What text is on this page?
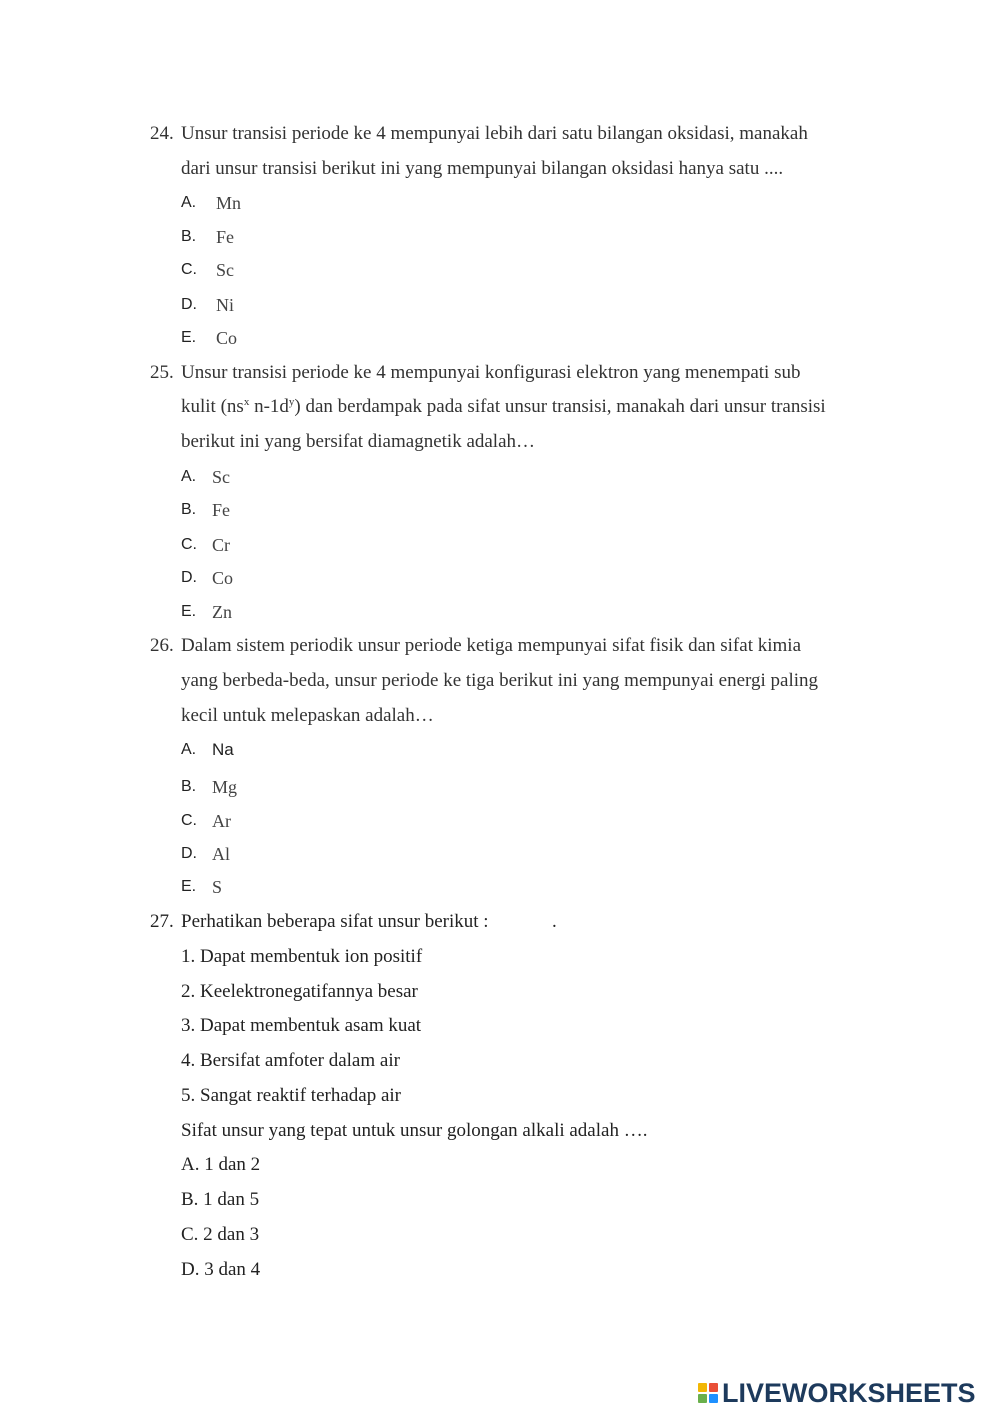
24. Unsur transisi periode ke 4 mempunyai lebih dari satu bilangan oksidasi, manakah
dari unsur transisi berikut ini yang mempunyai bilangan oksidasi hanya satu ....
A. Mn
B. Fe
C. Sc
D. Ni
E. Co
25. Unsur transisi periode ke 4 mempunyai konfigurasi elektron yang menempati sub
kulit ($ns^x$ $n-1d^y$) dan berdampak pada sifat unsur transisi, manakah dari unsur transisi
berikut ini yang bersifat diamagnetik adalah…
A. Sc
B. Fe
C. Cr
D. Co
E. Zn
26. Dalam sistem periodik unsur periode ketiga mempunyai sifat fisik dan sifat kimia
yang berbeda-beda, unsur periode ke tiga berikut ini yang mempunyai energi paling
kecil untuk melepaskan adalah…
A. Na
B. Mg
C. Ar
D. Al
E. S
27. Perhatikan beberapa sifat unsur berikut :	.
1. Dapat membentuk ion positif
2. Keelektronegatifannya besar
3. Dapat membentuk asam kuat
4. Bersifat amfoter dalam air
5. Sangat reaktif terhadap air
Sifat unsur yang tepat untuk unsur golongan alkali adalah ….
A. 1 dan 2
B. 1 dan 5
C. 2 dan 3
D. 3 dan 4
LIVEWORKSHEETS
